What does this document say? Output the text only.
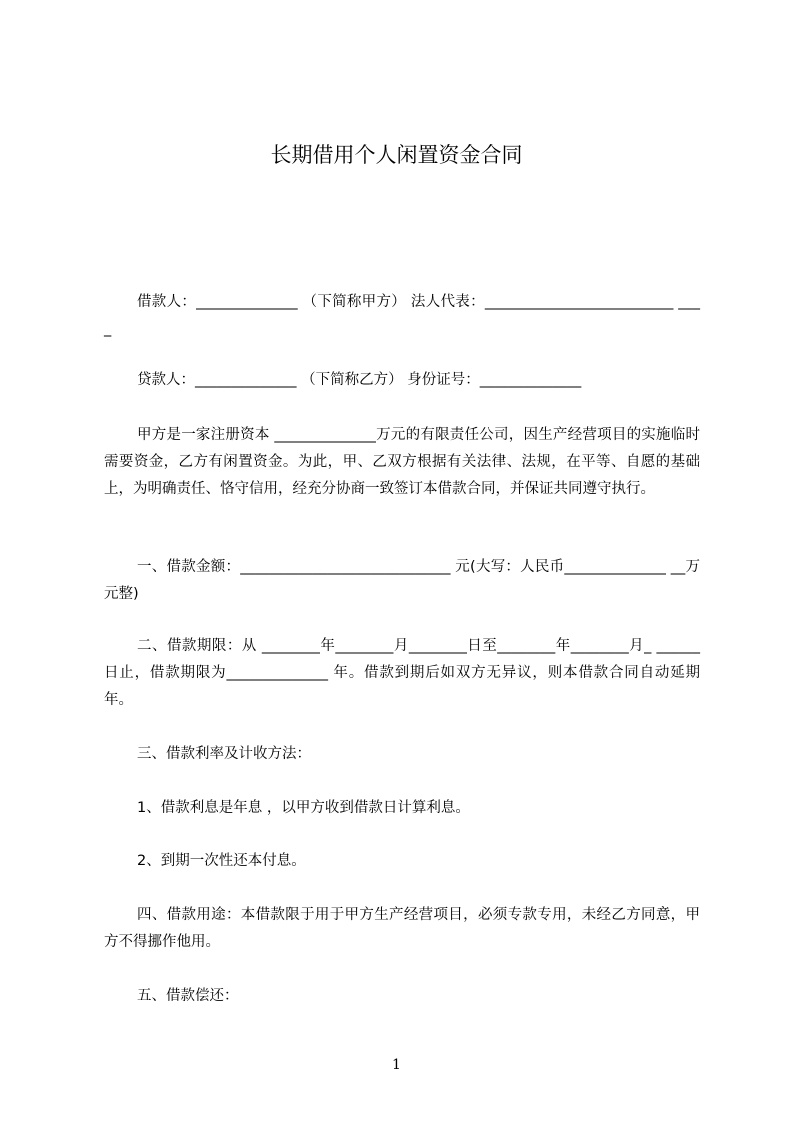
长期借用个人闲置资金合同

借款人：______________ （下简称甲方） 法人代表：__________________________ ____

贷款人：______________ （下简称乙方） 身份证号：______________

甲方是一家注册资本 ______________万元的有限责任公司，因生产经营项目的实施临时需要资金，乙方有闲置资金。为此，甲、乙双方根据有关法律、法规，在平等、自愿的基础上，为明确责任、恪守信用，经充分协商一致签订本借款合同，并保证共同遵守执行。

一、借款金额：_____________________________ 元(大写：人民币______________ __万元整)

二、借款期限：从 ________年________月________日至________年________月_ ______日止，借款期限为______________ 年。借款到期后如双方无异议，则本借款合同自动延期 年。

三、借款利率及计收方法：

1、借款利息是年息 ，以甲方收到借款日计算利息。

2、到期一次性还本付息。

四、借款用途：本借款限于用于甲方生产经营项目，必须专款专用，未经乙方同意，甲方不得挪作他用。

五、借款偿还：

1
